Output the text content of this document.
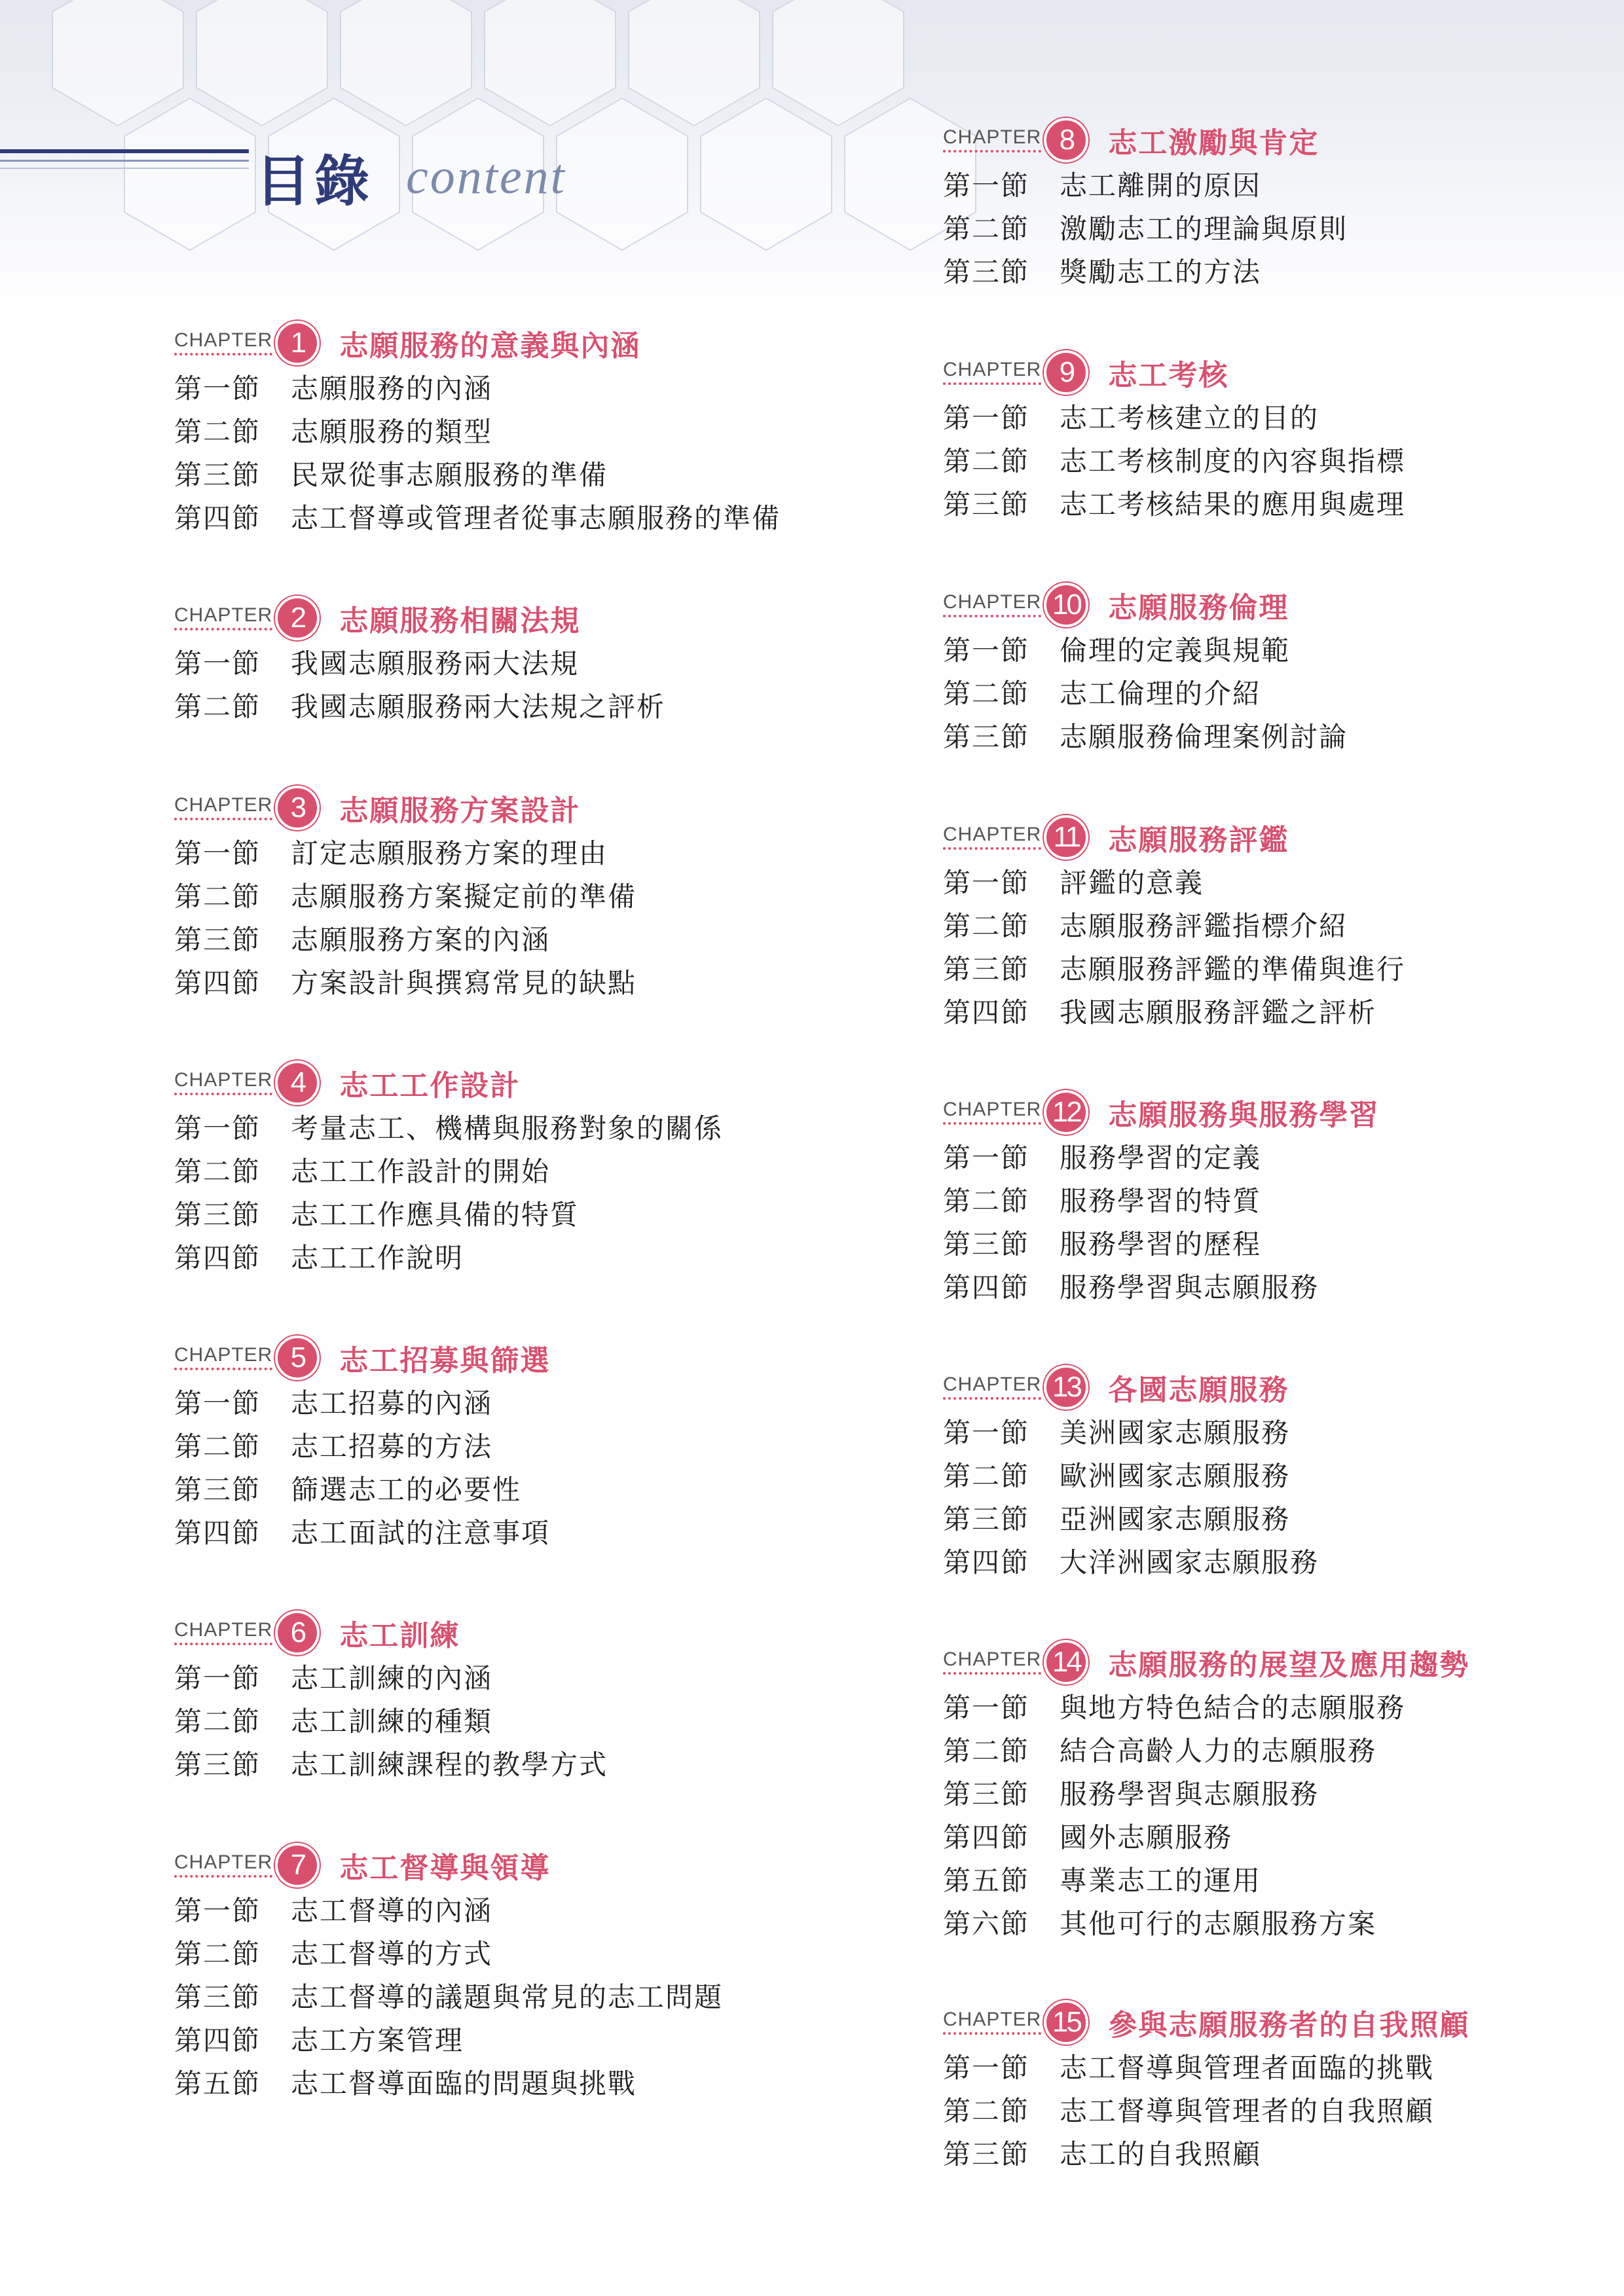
目錄 content
CHAPTER 1	志願服務的意義與內涵
第一節	志願服務的內涵
第二節	志願服務的類型
第三節	民眾從事志願服務的準備
第四節	志工督導或管理者從事志願服務的準備
CHAPTER 2	志願服務相關法規
第一節	我國志願服務兩大法規
第二節	我國志願服務兩大法規之評析
CHAPTER 3	志願服務方案設計
第一節	訂定志願服務方案的理由
第二節	志願服務方案擬定前的準備
第三節	志願服務方案的內涵
第四節	方案設計與撰寫常見的缺點
CHAPTER 4	志工工作設計
第一節	考量志工、機構與服務對象的關係
第二節	志工工作設計的開始
第三節	志工工作應具備的特質
第四節	志工工作說明
CHAPTER 5	志工招募與篩選
第一節	志工招募的內涵
第二節	志工招募的方法
第三節	篩選志工的必要性
第四節	志工面試的注意事項
CHAPTER 6	志工訓練
第一節	志工訓練的內涵
第二節	志工訓練的種類
第三節	志工訓練課程的教學方式
CHAPTER 7	志工督導與領導
第一節	志工督導的內涵
第二節	志工督導的方式
第三節	志工督導的議題與常見的志工問題
第四節	志工方案管理
第五節	志工督導面臨的問題與挑戰
CHAPTER 8	志工激勵與肯定
第一節	志工離開的原因
第二節	激勵志工的理論與原則
第三節	獎勵志工的方法
CHAPTER 9	志工考核
第一節	志工考核建立的目的
第二節	志工考核制度的內容與指標
第三節	志工考核結果的應用與處理
CHAPTER 10 志願服務倫理
第一節	倫理的定義與規範
第二節	志工倫理的介紹
第三節	志願服務倫理案例討論
CHAPTER 11	志願服務評鑑
第一節	評鑑的意義
第二節	志願服務評鑑指標介紹
第三節	志願服務評鑑的準備與進行
第四節	我國志願服務評鑑之評析
CHAPTER 12 志願服務與服務學習
第一節	服務學習的定義
第二節	服務學習的特質
第三節	服務學習的歷程
第四節	服務學習與志願服務
CHAPTER 13 各國志願服務
第一節	美洲國家志願服務
第二節	歐洲國家志願服務
第三節	亞洲國家志願服務
第四節	大洋洲國家志願服務
CHAPTER 14 志願服務的展望及應用趨勢
第一節	與地方特色結合的志願服務
第二節	結合高齡人力的志願服務
第三節	服務學習與志願服務
第四節	國外志願服務
第五節	專業志工的運用
第六節	其他可行的志願服務方案
CHAPTER 15 參與志願服務者的自我照顧
第一節	志工督導與管理者面臨的挑戰
第二節	志工督導與管理者的自我照顧
第三節	志工的自我照顧
